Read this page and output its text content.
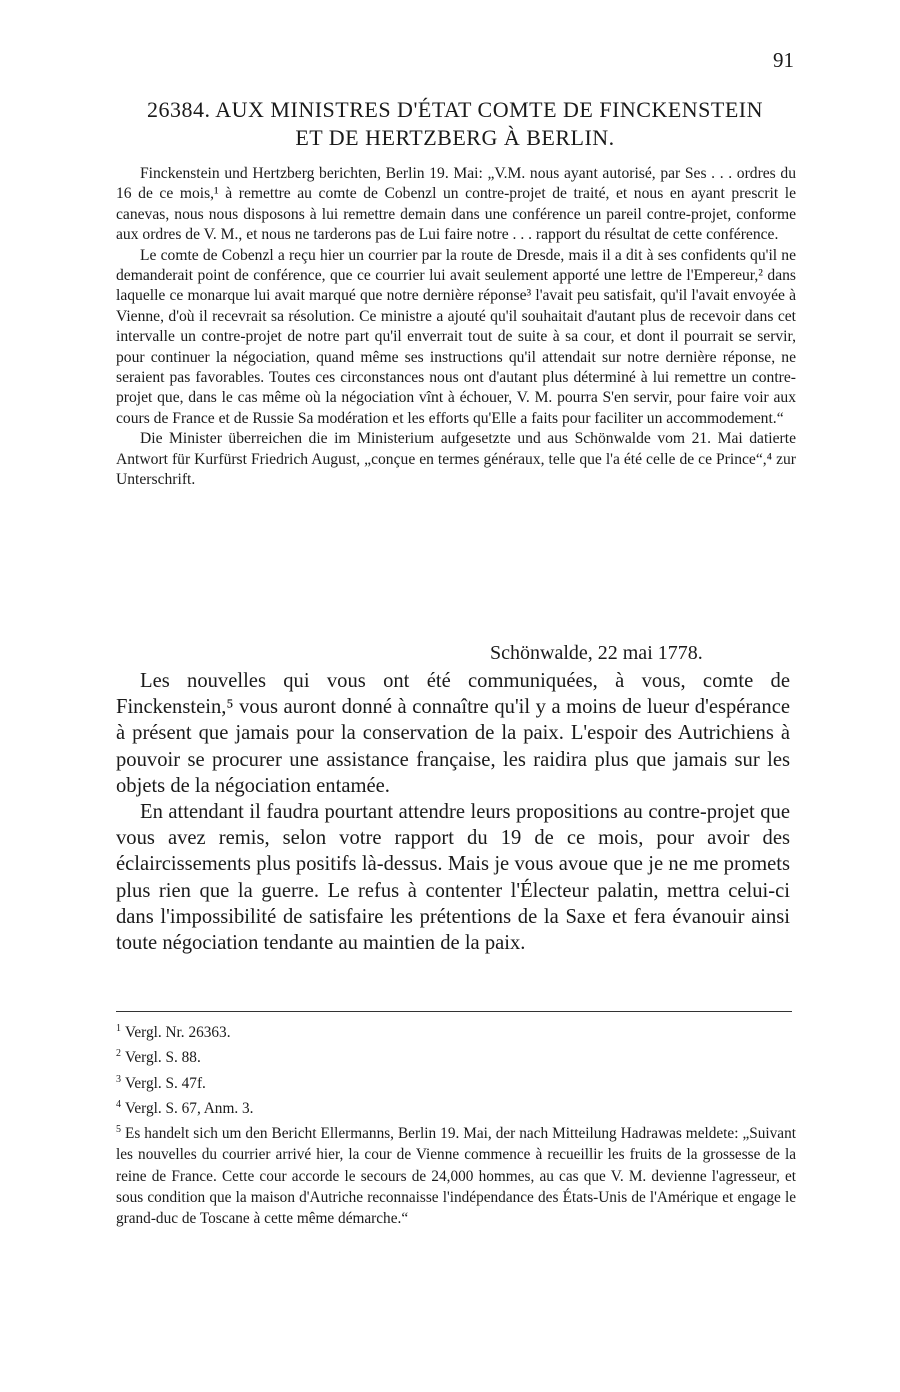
91
26384. AUX MINISTRES D'ÉTAT COMTE DE FINCKENSTEIN
ET DE HERTZBERG À BERLIN.

Finckenstein und Hertzberg berichten, Berlin 19. Mai: „V.M. nous ayant autorisé, par Ses . . . ordres du 16 de ce mois,¹ à remettre au comte de Cobenzl un contre-projet de traité, et nous en ayant prescrit le canevas, nous nous disposons à lui remettre demain dans une conférence un pareil contre-projet, conforme aux ordres de V. M., et nous ne tarderons pas de Lui faire notre . . . rapport du résultat de cette conférence.

Le comte de Cobenzl a reçu hier un courrier par la route de Dresde, mais il a dit à ses confidents qu'il ne demanderait point de conférence, que ce courrier lui avait seulement apporté une lettre de l'Empereur,² dans laquelle ce monarque lui avait marqué que notre dernière réponse³ l'avait peu satisfait, qu'il l'avait envoyée à Vienne, d'où il recevrait sa résolution. Ce ministre a ajouté qu'il souhaitait d'autant plus de recevoir dans cet intervalle un contre-projet de notre part qu'il enverrait tout de suite à sa cour, et dont il pourrait se servir, pour continuer la négociation, quand même ses instructions qu'il attendait sur notre dernière réponse, ne seraient pas favorables. Toutes ces circonstances nous ont d'autant plus déterminé à lui remettre un contre-projet que, dans le cas même où la négociation vînt à échouer, V. M. pourra S'en servir, pour faire voir aux cours de France et de Russie Sa modération et les efforts qu'Elle a faits pour faciliter un accommodement.“

Die Minister überreichen die im Ministerium aufgesetzte und aus Schönwalde vom 21. Mai datierte Antwort für Kurfürst Friedrich August, „conçue en termes généraux, telle que l'a été celle de ce Prince“,⁴ zur Unterschrift.

Schönwalde, 22 mai 1778.

Les nouvelles qui vous ont été communiquées, à vous, comte de Finckenstein,⁵ vous auront donné à connaître qu'il y a moins de lueur d'espérance à présent que jamais pour la conservation de la paix. L'espoir des Autrichiens à pouvoir se procurer une assistance française, les raidira plus que jamais sur les objets de la négociation entamée.

En attendant il faudra pourtant attendre leurs propositions au contre-projet que vous avez remis, selon votre rapport du 19 de ce mois, pour avoir des éclaircissements plus positifs là-dessus. Mais je vous avoue que je ne me promets plus rien que la guerre. Le refus à contenter l'Électeur palatin, mettra celui-ci dans l'impossibilité de satisfaire les prétentions de la Saxe et fera évanouir ainsi toute négociation tendante au maintien de la paix.

$^1$ Vergl. Nr. 26363.

$^2$ Vergl. S. 88.

$^3$ Vergl. S. 47f.

$^4$ Vergl. S. 67, Anm. 3.

$^5$ Es handelt sich um den Bericht Ellermanns, Berlin 19. Mai, der nach Mitteilung Hadrawas meldete: „Suivant les nouvelles du courrier arrivé hier, la cour de Vienne commence à recueillir les fruits de la grossesse de la reine de France. Cette cour accorde le secours de 24,000 hommes, au cas que V. M. devienne l'agresseur, et sous condition que la maison d'Autriche reconnaisse l'indépendance des États-Unis de l'Amérique et engage le grand-duc de Toscane à cette même démarche.“
